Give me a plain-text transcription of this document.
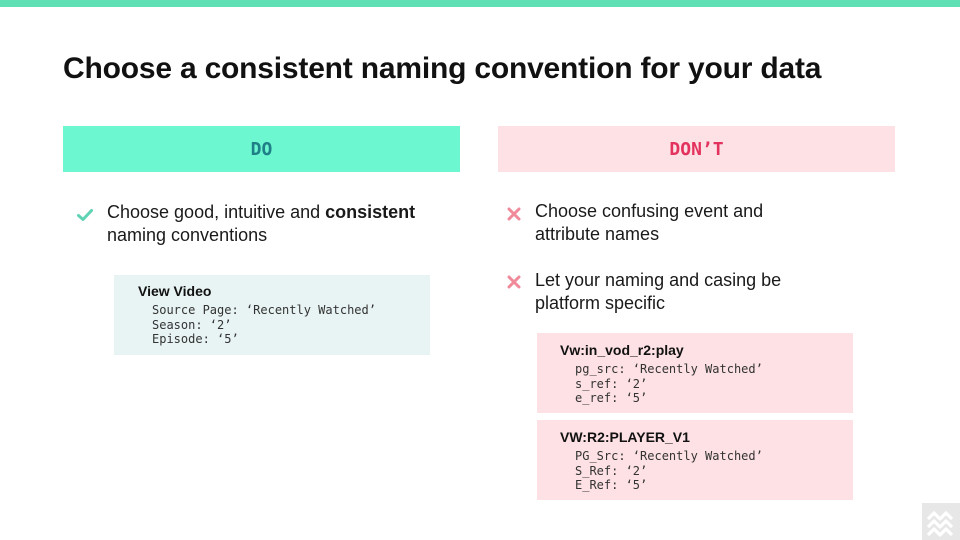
Choose a consistent naming convention for your data
DO
Choose good, intuitive and consistent
naming conventions
View Video
Source Page: ‘Recently Watched’
Season: ‘2’
Episode: ‘5’
DON’T
Choose confusing event and
attribute names
Let your naming and casing be
platform specific
Vw:in_vod_r2:play
pg_src: ‘Recently Watched’
s_ref: ‘2’
e_ref: ‘5’
VW:R2:PLAYER_V1
PG_Src: ‘Recently Watched’
S_Ref: ‘2’
E_Ref: ‘5’
